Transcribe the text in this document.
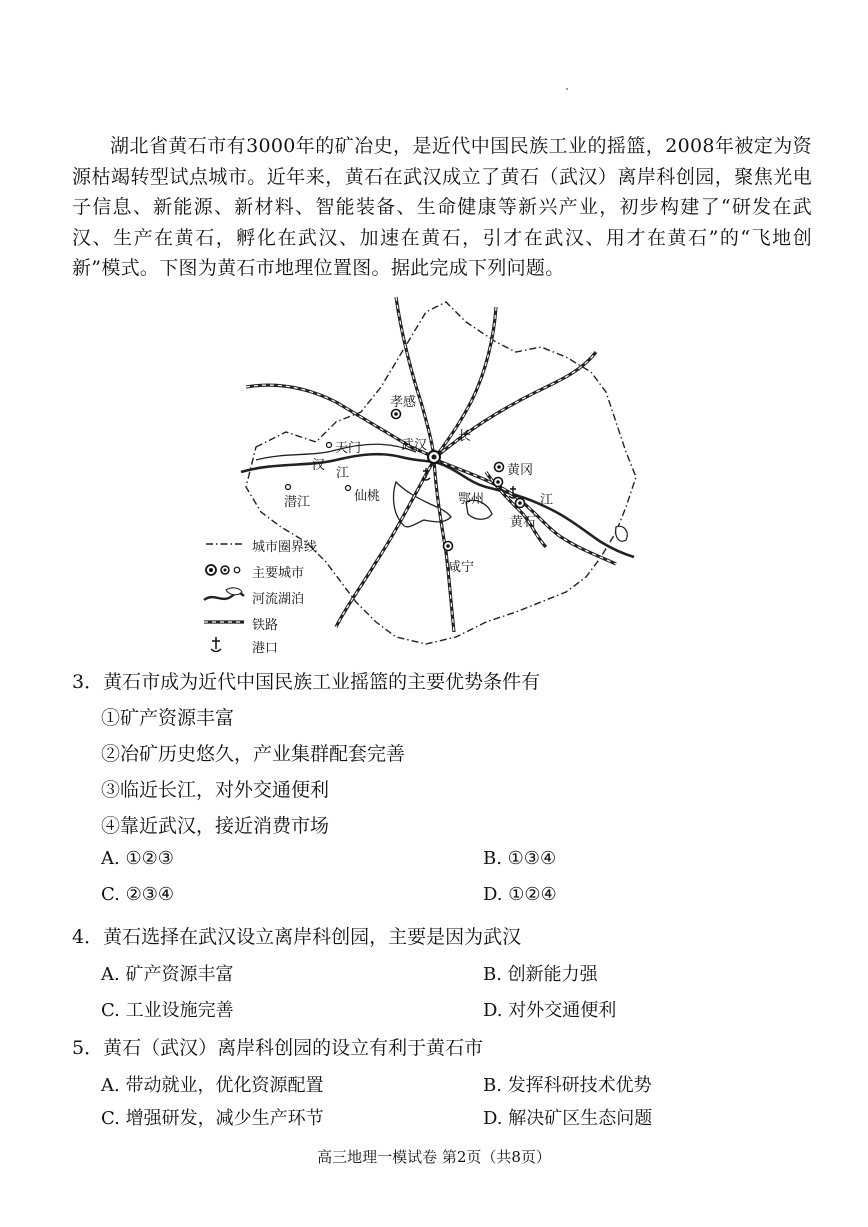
湖北省黄石市有3000年的矿冶史，是近代中国民族工业的摇篮，2008年被定为资源枯竭转型试点城市。近年来，黄石在武汉成立了黄石（武汉）离岸科创园，聚焦光电子信息、新能源、新材料、智能装备、生命健康等新兴产业，初步构建了“研发在武汉、生产在黄石，孵化在武汉、加速在黄石，引才在武汉、用才在黄石”的“飞地创新”模式。下图为黄石市地理位置图。据此完成下列问题。

孝感
武汉
天门
汉
江
潜江	仙桃
长
黄冈
鄂州	江
黄石
咸宁
城市圈界线
主要城市
河流湖泊
铁路
港口
3．黄石市成为近代中国民族工业摇篮的主要优势条件有
①矿产资源丰富
②冶矿历史悠久，产业集群配套完善
③临近长江，对外交通便利
④靠近武汉，接近消费市场
A. ①②③	B. ①③④
C. ②③④	D. ①②④
4．黄石选择在武汉设立离岸科创园，主要是因为武汉
A. 矿产资源丰富	B. 创新能力强
C. 工业设施完善	D. 对外交通便利
5．黄石（武汉）离岸科创园的设立有利于黄石市
A. 带动就业，优化资源配置	B. 发挥科研技术优势
C. 增强研发，减少生产环节	D. 解决矿区生态问题
高三地理一模试卷 第2页（共8页）
